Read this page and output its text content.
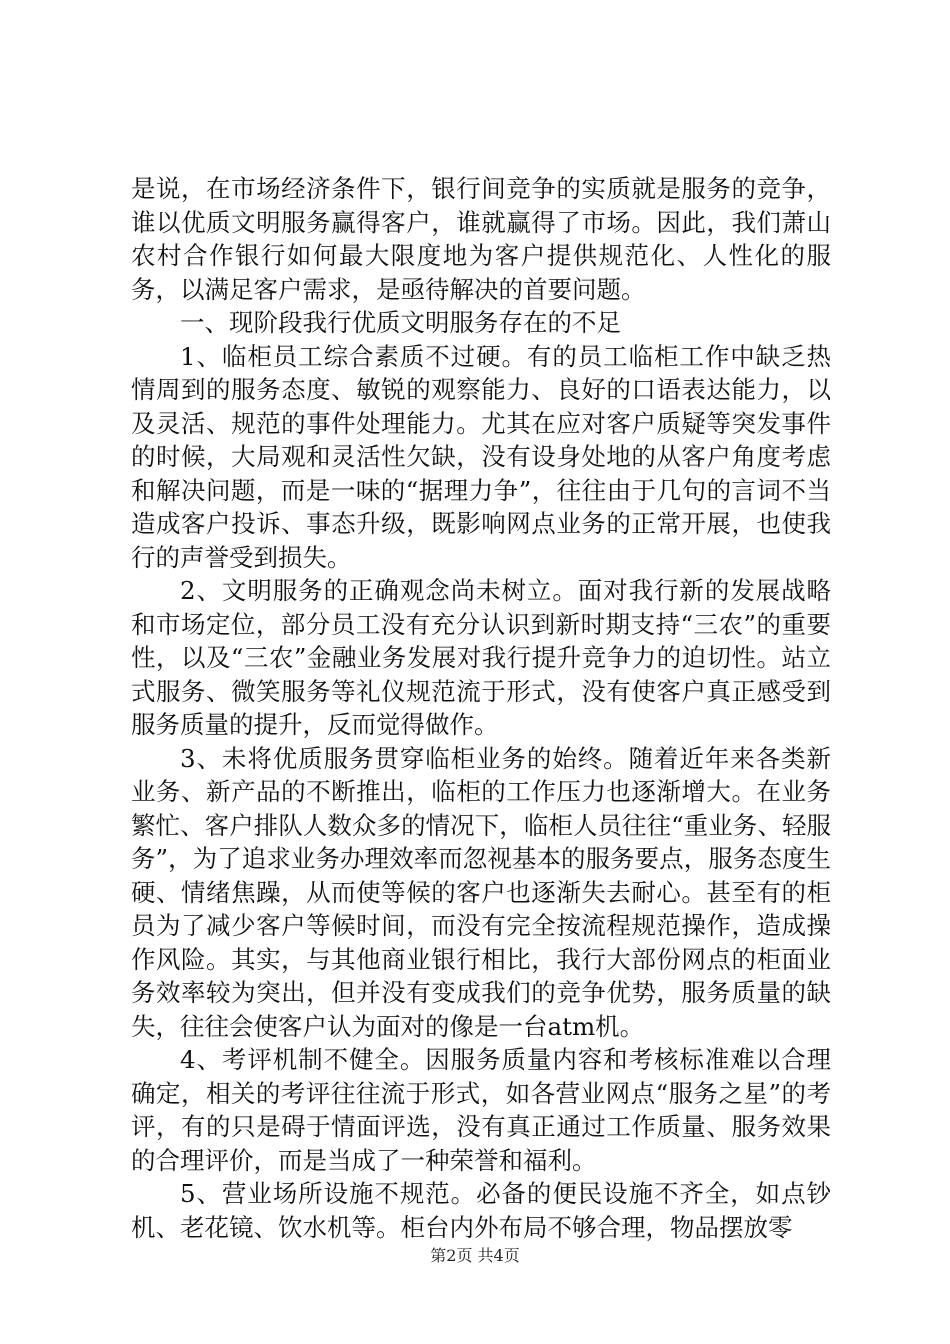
是说，在市场经济条件下，银行间竞争的实质就是服务的竞争，谁以优质文明服务赢得客户，谁就赢得了市场。因此，我们萧山农村合作银行如何最大限度地为客户提供规范化、人性化的服务，以满足客户需求，是亟待解决的首要问题。

一、现阶段我行优质文明服务存在的不足

1、临柜员工综合素质不过硬。有的员工临柜工作中缺乏热情周到的服务态度、敏锐的观察能力、良好的口语表达能力，以及灵活、规范的事件处理能力。尤其在应对客户质疑等突发事件的时候，大局观和灵活性欠缺，没有设身处地的从客户角度考虑和解决问题，而是一味的“据理力争”，往往由于几句的言词不当造成客户投诉、事态升级，既影响网点业务的正常开展，也使我行的声誉受到损失。

2、文明服务的正确观念尚未树立。面对我行新的发展战略和市场定位，部分员工没有充分认识到新时期支持“三农”的重要性，以及“三农”金融业务发展对我行提升竞争力的迫切性。站立式服务、微笑服务等礼仪规范流于形式，没有使客户真正感受到服务质量的提升，反而觉得做作。

3、未将优质服务贯穿临柜业务的始终。随着近年来各类新业务、新产品的不断推出，临柜的工作压力也逐渐增大。在业务繁忙、客户排队人数众多的情况下，临柜人员往往“重业务、轻服务”，为了追求业务办理效率而忽视基本的服务要点，服务态度生硬、情绪焦躁，从而使等候的客户也逐渐失去耐心。甚至有的柜员为了减少客户等候时间，而没有完全按流程规范操作，造成操作风险。其实，与其他商业银行相比，我行大部份网点的柜面业务效率较为突出，但并没有变成我们的竞争优势，服务质量的缺失，往往会使客户认为面对的像是一台atm机。

4、考评机制不健全。因服务质量内容和考核标准难以合理确定，相关的考评往往流于形式，如各营业网点“服务之星”的考评，有的只是碍于情面评选，没有真正通过工作质量、服务效果的合理评价，而是当成了一种荣誉和福利。

5、营业场所设施不规范。必备的便民设施不齐全，如点钞机、老花镜、饮水机等。柜台内外布局不够合理，物品摆放零

第2页 共4页
